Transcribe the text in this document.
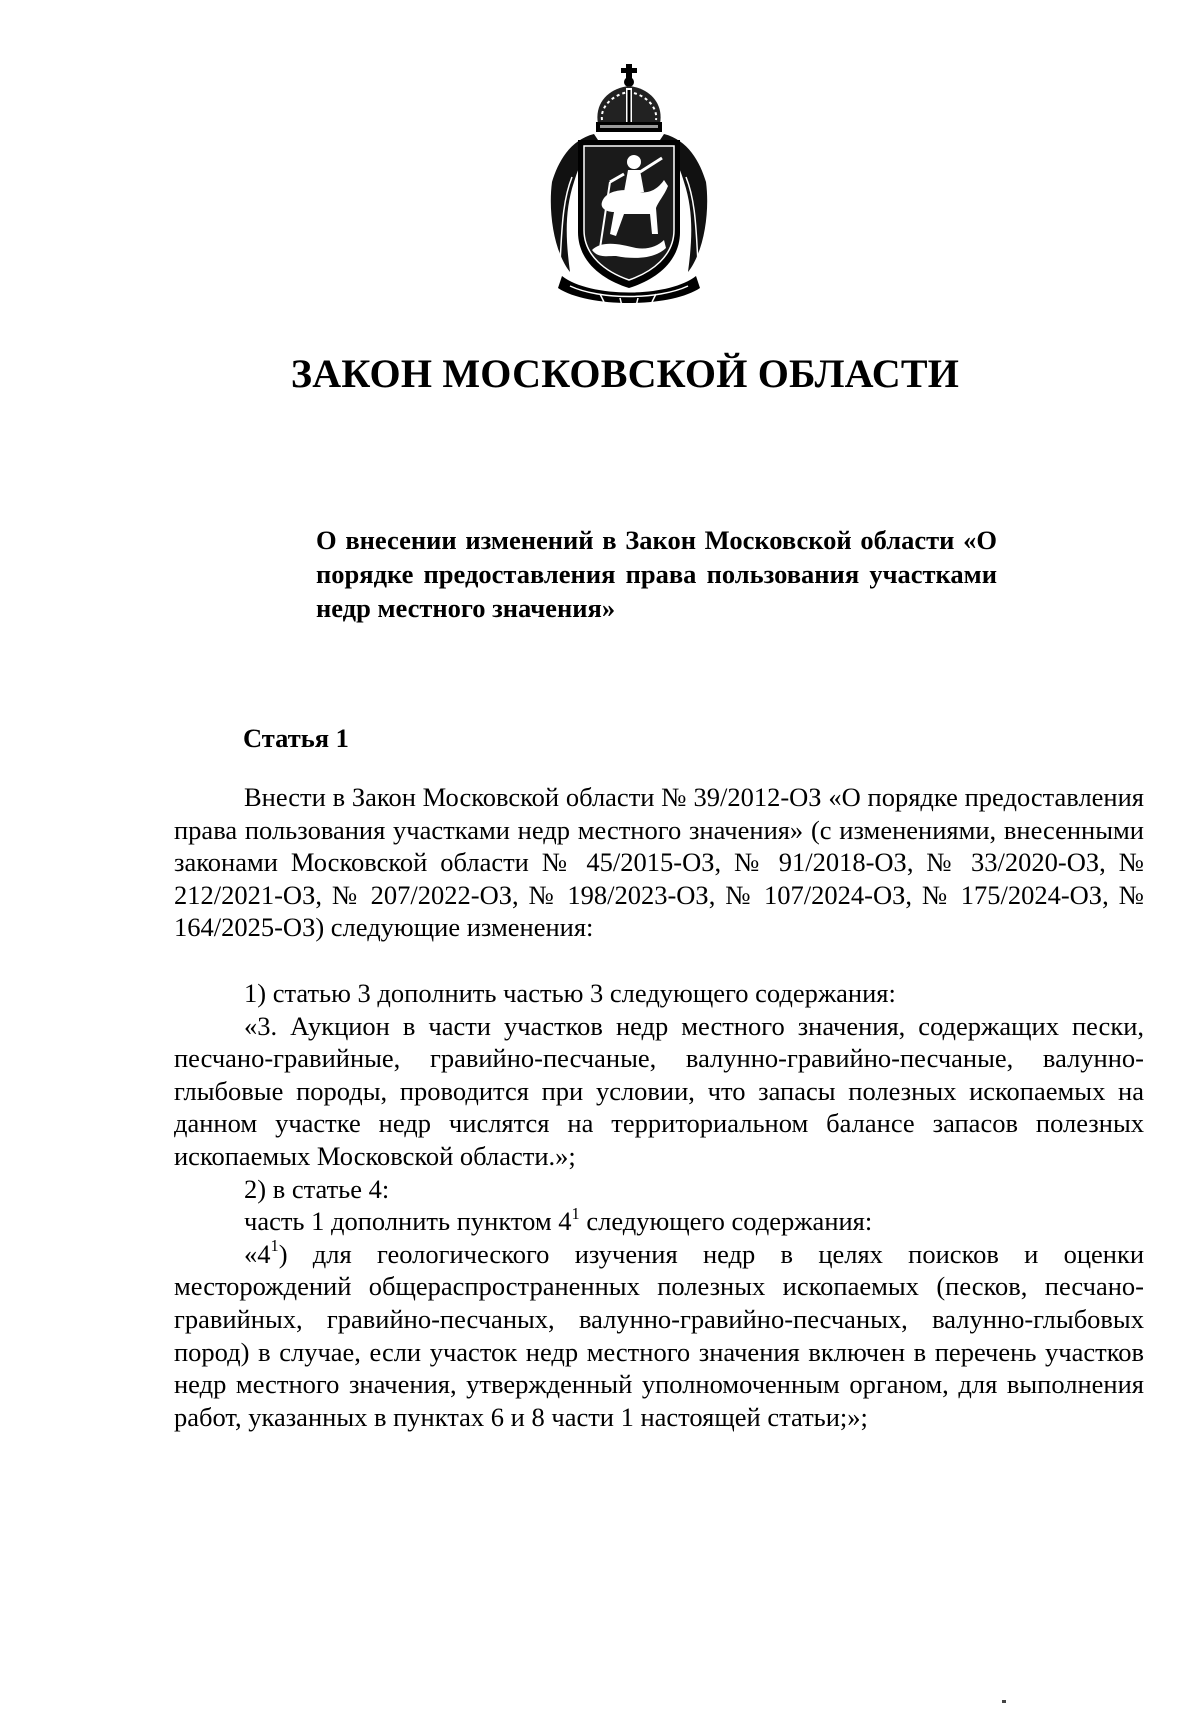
ЗАКОН МОСКОВСКОЙ ОБЛАСТИ
О внесении изменений в Закон Московской области «О порядке предоставления права пользования участками недр местного значения»
Статья 1

Внести в Закон Московской области № 39/2012-ОЗ «О порядке предоставления права пользования участками недр местного значения» (с изменениями, внесенными законами Московской области № 45/2015-ОЗ, № 91/2018-ОЗ, № 33/2020-ОЗ, № 212/2021-ОЗ, № 207/2022-ОЗ, № 198/2023-ОЗ, № 107/2024-ОЗ, № 175/2024-ОЗ, № 164/2025-ОЗ) следующие изменения:

1) статью 3 дополнить частью 3 следующего содержания:

«3. Аукцион в части участков недр местного значения, содержащих пески, песчано-гравийные, гравийно-песчаные, валунно-гравийно-песчаные, валунно-глыбовые породы, проводится при условии, что запасы полезных ископаемых на данном участке недр числятся на территориальном балансе запасов полезных ископаемых Московской области.»;

2) в статье 4:

часть 1 дополнить пунктом $4^1$ следующего содержания:

«$4^1$) для геологического изучения недр в целях поисков и оценки месторождений общераспространенных полезных ископаемых (песков, песчано-гравийных, гравийно-песчаных, валунно-гравийно-песчаных, валунно-глыбовых пород) в случае, если участок недр местного значения включен в перечень участков недр местного значения, утвержденный уполномоченным органом, для выполнения работ, указанных в пунктах 6 и 8 части 1 настоящей статьи;»;
